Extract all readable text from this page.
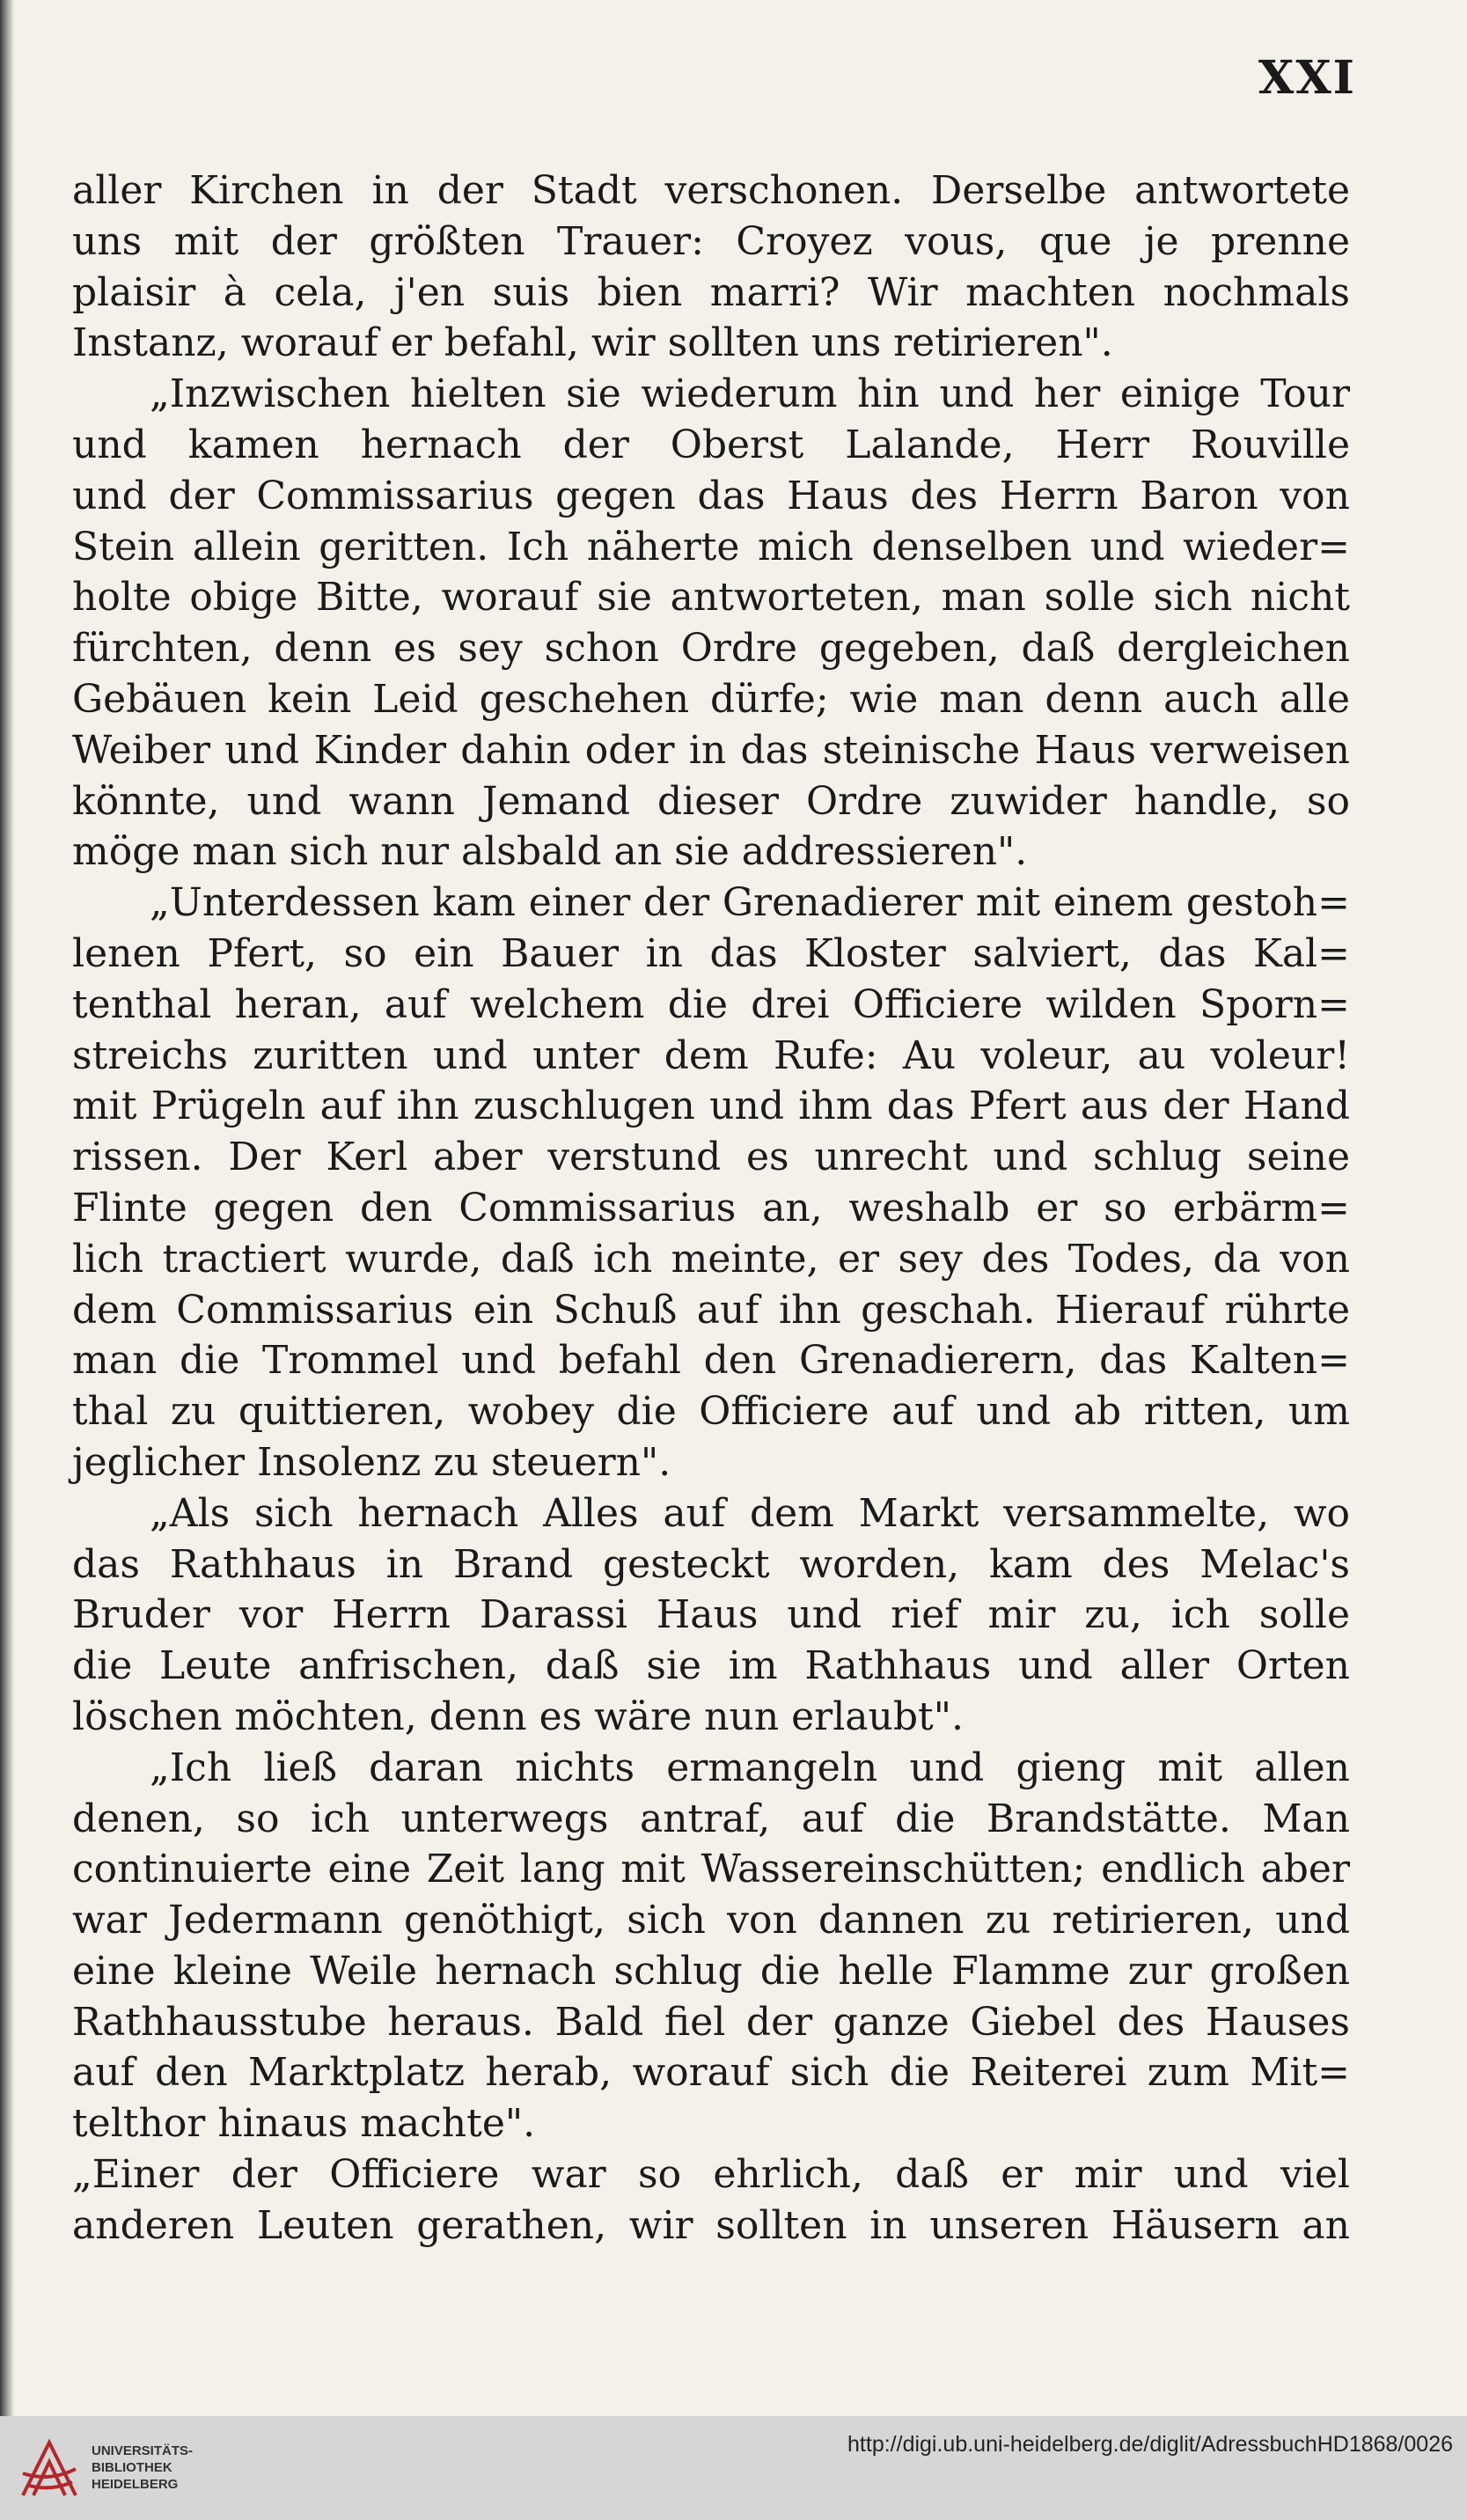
XXI
aller Kirchen in der Stadt verschonen. Derselbe antwortete
uns mit der größten Trauer: Croyez vous, que je prenne
plaisir à cela, j'en suis bien marri? Wir machten nochmals
Instanz, worauf er befahl, wir sollten uns retirieren".
„Inzwischen hielten sie wiederum hin und her einige Tour
und kamen hernach der Oberst Lalande, Herr Rouville
und der Commissarius gegen das Haus des Herrn Baron von
Stein allein geritten. Ich näherte mich denselben und wieder=
holte obige Bitte, worauf sie antworteten, man solle sich nicht
fürchten, denn es sey schon Ordre gegeben, daß dergleichen
Gebäuen kein Leid geschehen dürfe; wie man denn auch alle
Weiber und Kinder dahin oder in das steinische Haus verweisen
könnte, und wann Jemand dieser Ordre zuwider handle, so
möge man sich nur alsbald an sie addressieren".
„Unterdessen kam einer der Grenadierer mit einem gestoh=
lenen Pfert, so ein Bauer in das Kloster salviert, das Kal=
tenthal heran, auf welchem die drei Officiere wilden Sporn=
streichs zuritten und unter dem Rufe: Au voleur, au voleur!
mit Prügeln auf ihn zuschlugen und ihm das Pfert aus der Hand
rissen. Der Kerl aber verstund es unrecht und schlug seine
Flinte gegen den Commissarius an, weshalb er so erbärm=
lich tractiert wurde, daß ich meinte, er sey des Todes, da von
dem Commissarius ein Schuß auf ihn geschah. Hierauf rührte
man die Trommel und befahl den Grenadierern, das Kalten=
thal zu quittieren, wobey die Officiere auf und ab ritten, um
jeglicher Insolenz zu steuern".
„Als sich hernach Alles auf dem Markt versammelte, wo
das Rathhaus in Brand gesteckt worden, kam des Melac's
Bruder vor Herrn Darassi Haus und rief mir zu, ich solle
die Leute anfrischen, daß sie im Rathhaus und aller Orten
löschen möchten, denn es wäre nun erlaubt".
„Ich ließ daran nichts ermangeln und gieng mit allen
denen, so ich unterwegs antraf, auf die Brandstätte. Man
continuierte eine Zeit lang mit Wassereinschütten; endlich aber
war Jedermann genöthigt, sich von dannen zu retirieren, und
eine kleine Weile hernach schlug die helle Flamme zur großen
Rathhausstube heraus. Bald fiel der ganze Giebel des Hauses
auf den Marktplatz herab, worauf sich die Reiterei zum Mit=
telthor hinaus machte".
„Einer der Officiere war so ehrlich, daß er mir und viel
anderen Leuten gerathen, wir sollten in unseren Häusern an
UNIVERSITÄTS-
BIBLIOTHEK
HEIDELBERG
http://digi.ub.uni-heidelberg.de/diglit/AdressbuchHD1868/0026
